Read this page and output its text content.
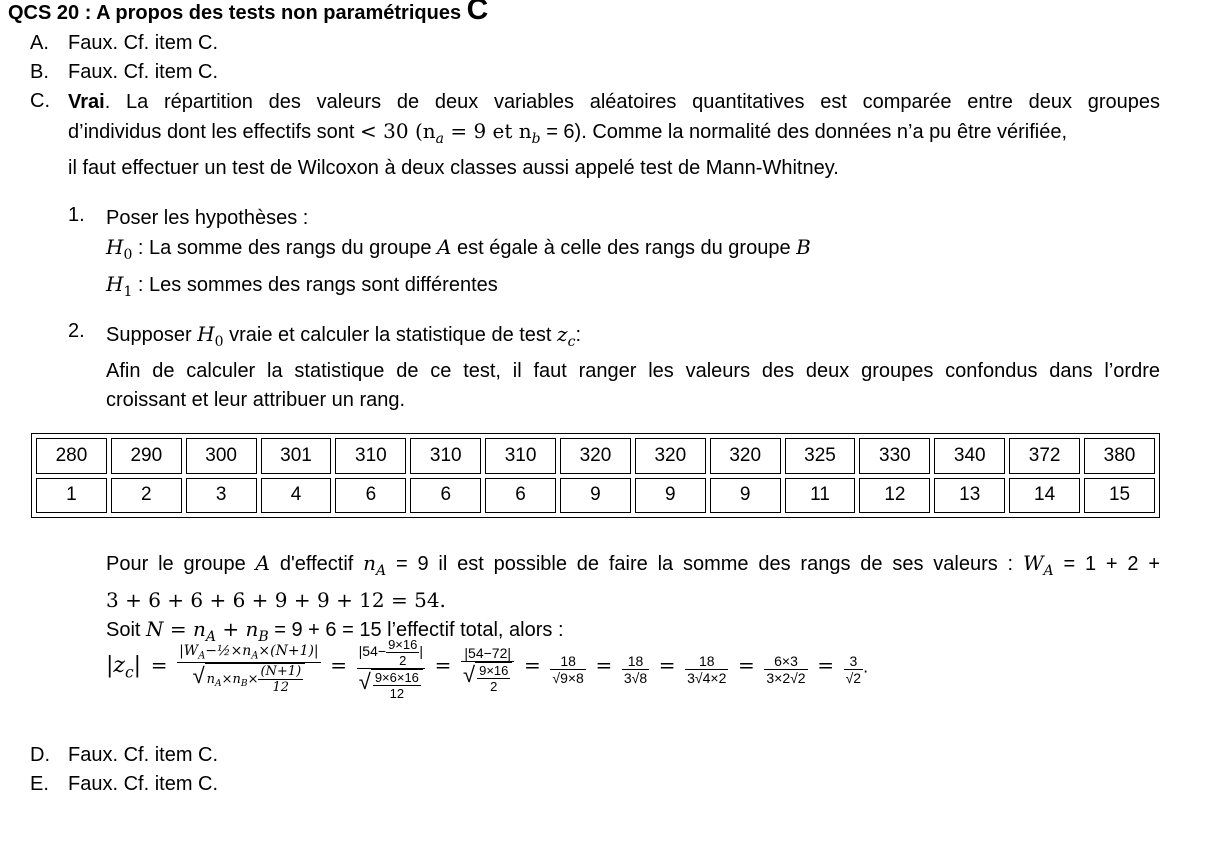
QCS 20 : A propos des tests non paramétriques C
A. Faux. Cf. item C.
B. Faux. Cf. item C.
C. Vrai. La répartition des valeurs de deux variables aléatoires quantitatives est comparée entre deux groupes
d’individus dont les effectifs sont < 30 ($n_a = 9$ et $n_b = 6$). Comme la normalité des données n’a pu être vérifiée,
il faut effectuer un test de Wilcoxon à deux classes aussi appelé test de Mann-Whitney.
1. Poser les hypothèses :
$H_0$ : La somme des rangs du groupe A est égale à celle des rangs du groupe B
$H_1$ : Les sommes des rangs sont différentes
2. Supposer $H_0$ vraie et calculer la statistique de test $z_c$:
Afin de calculer la statistique de ce test, il faut ranger les valeurs des deux groupes confondus dans l’ordre
croissant et leur attribuer un rang.
280	290	300	301	310	310	310	320	320	320	325	330	340	372	380
1	2	3	4	6	6	6	9	9	9	11	12	13	14	15
Pour le groupe A d'effectif $n_A = 9$ il est possible de faire la somme des rangs de ses valeurs : $W_A = 1 + 2$ +
3 + 6 + 6 + 6 + 9 + 9 + 12 = 54.
Soit $N = n_A + n_B = 9 + 6 = 15$ l’effectif total, alors :
$|z_c| = \frac{|W_A-\frac{1}{2}\times n_A\times(N+1)|}{√ n_A\times n_B\times \frac{(N+1)}{12}} = \frac{|54- \frac{9\times 16}{2} |}{√ \frac{9\times 6\times 16}{12}} = \frac{|54-72|}{√ \frac{9\times 16}{2}} = \frac{18}{√9\times 8} = \frac{18}{3√8} = \frac{18}{3√4\times 2} = \frac{6\times 3}{3\times 2√2} = \frac{3}{√2}$ .
D. Faux. Cf. item C.
E. Faux. Cf. item C.
